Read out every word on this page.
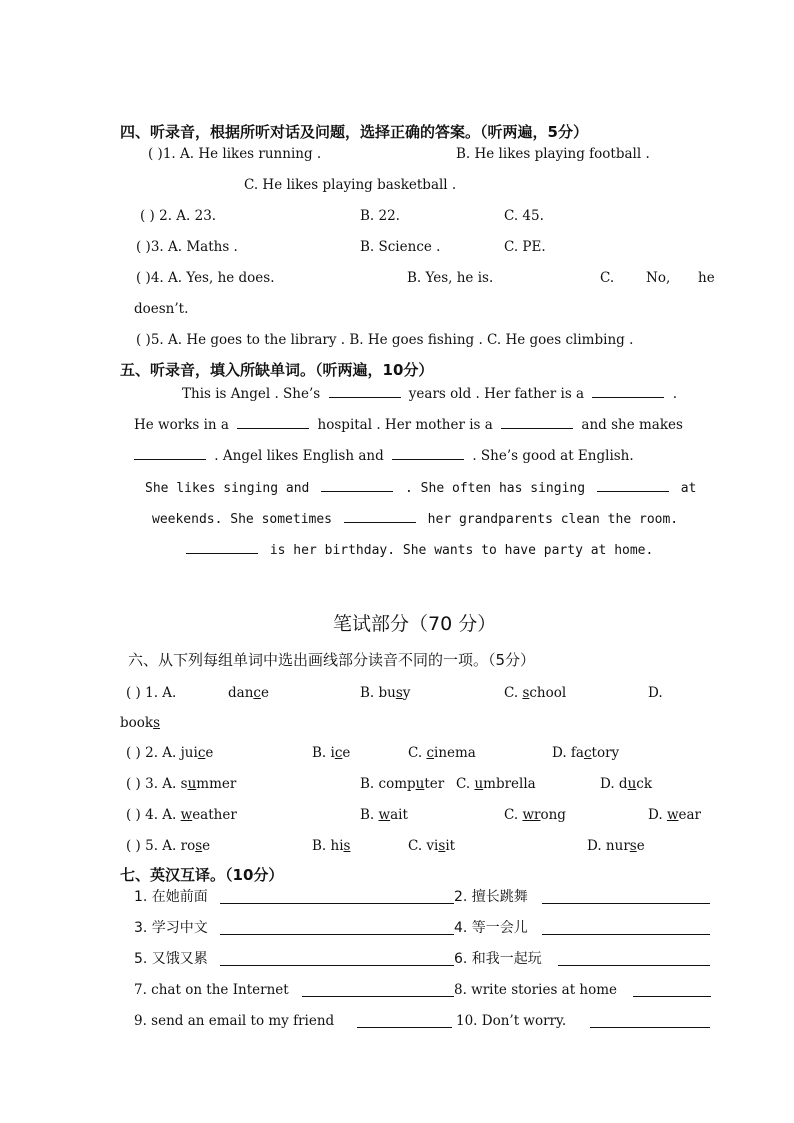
四、听录音，根据所听对话及问题，选择正确的答案。（听两遍，5分）
( )1. A. He likes running .	B. He likes playing football .
C. He likes playing basketball .
( ) 2. A. 23.	B. 22.	C. 45.
( )3. A. Maths .	B. Science .	C. PE.
( )4. A. Yes, he does.	B. Yes, he is.	C. No, he
doesn’t.
( )5. A. He goes to the library . B. He goes fishing . C. He goes climbing .
五、听录音，填入所缺单词。（听两遍，10分）
This is Angel . She’s	years old . Her father is a	.
He works in a	hospital . Her mother is a	and she makes
. Angel likes English and	. She’s good at English.
She likes singing and	. She often has singing	at
weekends. She sometimes	her grandparents clean the room.
is her birthday. She wants to have party at home.
笔试部分（70 分）
六、从下列每组单词中选出画线部分读音不同的一项。（5分）
( ) 1. A.	dance	B. busy	C. school	D.
books
( ) 2. A. juice	B. ice	C. cinema	D. factory
( ) 3. A. summer	B. computer C. umbrella	D. duck
( ) 4. A. weather	B. wait	C. wrong	D. wear
( ) 5. A. rose	B. his	C. visit	D. nurse
七、英汉互译。（10分）
1. 在她前面	2. 擅长跳舞
3. 学习中文	4. 等一会儿
5. 又饿又累	6. 和我一起玩
7. chat on the Internet	8. write stories at home
9. send an email to my friend	10. Don’t worry.
